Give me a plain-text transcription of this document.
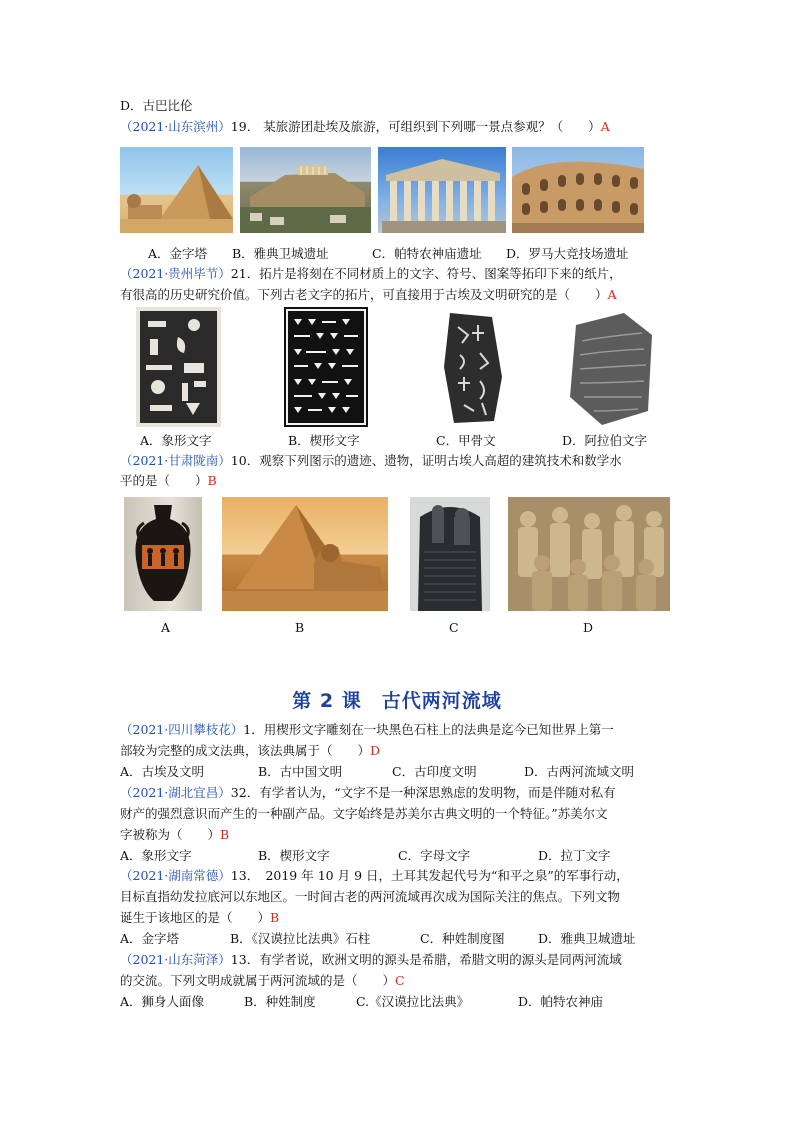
D．古巴比伦
（2021·山东滨州）19.　某旅游团赴埃及旅游，可组织到下列哪一景点参观？（　　）A
A．金字塔 B．雅典卫城遗址	C．帕特农神庙遗址 D．罗马大竞技场遗址
（2021·贵州毕节）21．拓片是将刻在不同材质上的文字、符号、图案等拓印下来的纸片，
有很高的历史研究价值。下列古老文字的拓片，可直接用于古埃及文明研究的是（　　）A
A．象形文字	B．楔形文字	C．甲骨文	D．阿拉伯文字
（2021·甘肃陇南）10．观察下列图示的遗迹、遗物，证明古埃人高超的建筑技术和数学水
平的是（　　）B
A	B	C	D
第 2 课 古代两河流域
（2021·四川攀枝花）1．用楔形文字雕刻在一块黑色石柱上的法典是迄今已知世界上第一
部较为完整的成文法典，该法典属于（　　）D
A．古埃及文明	B．古中国文明	C．古印度文明	D．古两河流域文明
（2021·湖北宜昌）32．有学者认为，“文字不是一种深思熟虑的发明物，而是伴随对私有
财产的强烈意识而产生的一种副产品。文字始终是苏美尔古典文明的一个特征。”苏美尔文
字被称为（　　）B
A．象形文字	B．楔形文字	C．字母文字	D．拉丁文字
（2021·湖南常德）13．　2019 年 10 月 9 日，土耳其发起代号为“和平之泉”的军事行动，
目标直指幼发拉底河以东地区。一时间古老的两河流域再次成为国际关注的焦点。下列文物
诞生于该地区的是（　　）B
A．金字塔	B．《汉谟拉比法典》石柱	C．种姓制度图	D．雅典卫城遗址
（2021·山东菏泽）13．有学者说，欧洲文明的源头是希腊，希腊文明的源头是同两河流域
的交流。下列文明成就属于两河流域的是（　　）C
A．狮身人面像	B．种姓制度	C.《汉谟拉比法典》	D．帕特农神庙
